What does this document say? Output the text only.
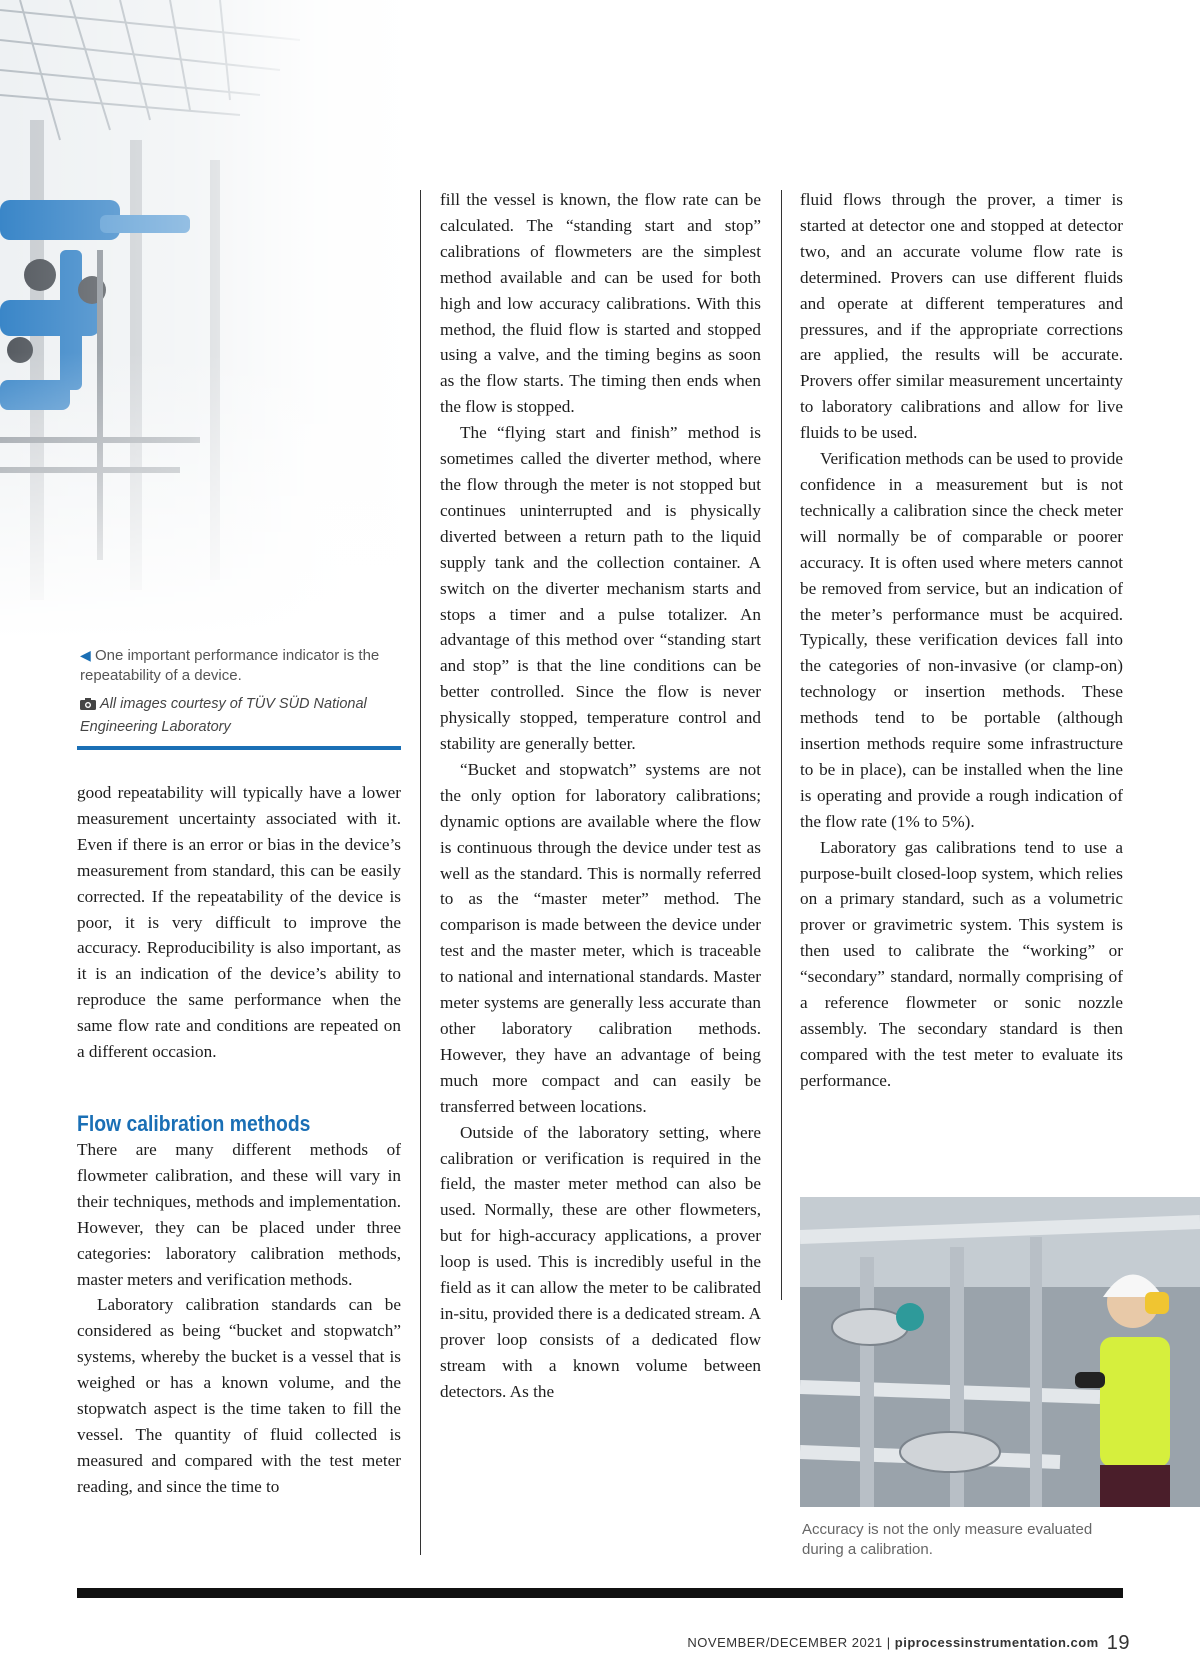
◀ One important performance indicator is the repeatability of a device.
All images courtesy of TÜV SÜD National Engineering Laboratory

good repeatability will typically have a lower measurement uncertainty associated with it. Even if there is an error or bias in the device’s measurement from standard, this can be easily corrected. If the repeatability of the device is poor, it is very difficult to improve the accuracy. Reproducibility is also important, as it is an indication of the device’s ability to reproduce the same performance when the same flow rate and conditions are repeated on a different occasion.

Flow calibration methods

There are many different methods of flowmeter calibration, and these will vary in their techniques, methods and implementation. However, they can be placed under three categories: laboratory calibration methods, master meters and verification methods.

Laboratory calibration standards can be considered as being “bucket and stopwatch” systems, whereby the bucket is a vessel that is weighed or has a known volume, and the stopwatch aspect is the time taken to fill the vessel. The quantity of fluid collected is measured and compared with the test meter reading, and since the time to

fill the vessel is known, the flow rate can be calculated. The “standing start and stop” calibrations of flowmeters are the simplest method available and can be used for both high and low accuracy calibrations. With this method, the fluid flow is started and stopped using a valve, and the timing begins as soon as the flow starts. The timing then ends when the flow is stopped.

The “flying start and finish” method is sometimes called the diverter method, where the flow through the meter is not stopped but continues uninterrupted and is physically diverted between a return path to the liquid supply tank and the collection container. A switch on the diverter mechanism starts and stops a timer and a pulse totalizer. An advantage of this method over “standing start and stop” is that the line conditions can be better controlled. Since the flow is never physically stopped, temperature control and stability are generally better.

“Bucket and stopwatch” systems are not the only option for laboratory calibrations; dynamic options are available where the flow is continuous through the device under test as well as the standard. This is normally referred to as the “master meter” method. The comparison is made between the device under test and the master meter, which is traceable to national and international standards. Master meter systems are generally less accurate than other laboratory calibration methods. However, they have an advantage of being much more compact and can easily be transferred between locations.

Outside of the laboratory setting, where calibration or verification is required in the field, the master meter method can also be used. Normally, these are other flowmeters, but for high-accuracy applications, a prover loop is used. This is incredibly useful in the field as it can allow the meter to be calibrated in-situ, provided there is a dedicated stream. A prover loop consists of a dedicated flow stream with a known volume between detectors. As the

fluid flows through the prover, a timer is started at detector one and stopped at detector two, and an accurate volume flow rate is determined. Provers can use different fluids and operate at different temperatures and pressures, and if the appropriate corrections are applied, the results will be accurate. Provers offer similar measurement uncertainty to laboratory calibrations and allow for live fluids to be used.

Verification methods can be used to provide confidence in a measurement but is not technically a calibration since the check meter will normally be of comparable or poorer accuracy. It is often used where meters cannot be removed from service, but an indication of the meter’s performance must be acquired. Typically, these verification devices fall into the categories of non-invasive (or clamp-on) technology or insertion methods. These methods tend to be portable (although insertion methods require some infrastructure to be in place), can be installed when the line is operating and provide a rough indication of the flow rate (1% to 5%).

Laboratory gas calibrations tend to use a purpose-built closed-loop system, which relies on a primary standard, such as a volumetric prover or gravimetric system. This system is then used to calibrate the “working” or “secondary” standard, normally comprising of a reference flowmeter or sonic nozzle assembly. The secondary standard is then compared with the test meter to evaluate its performance.

Accuracy is not the only measure evaluated during a calibration.
NOVEMBER/DECEMBER 2021 | piprocessinstrumentation.com 19
